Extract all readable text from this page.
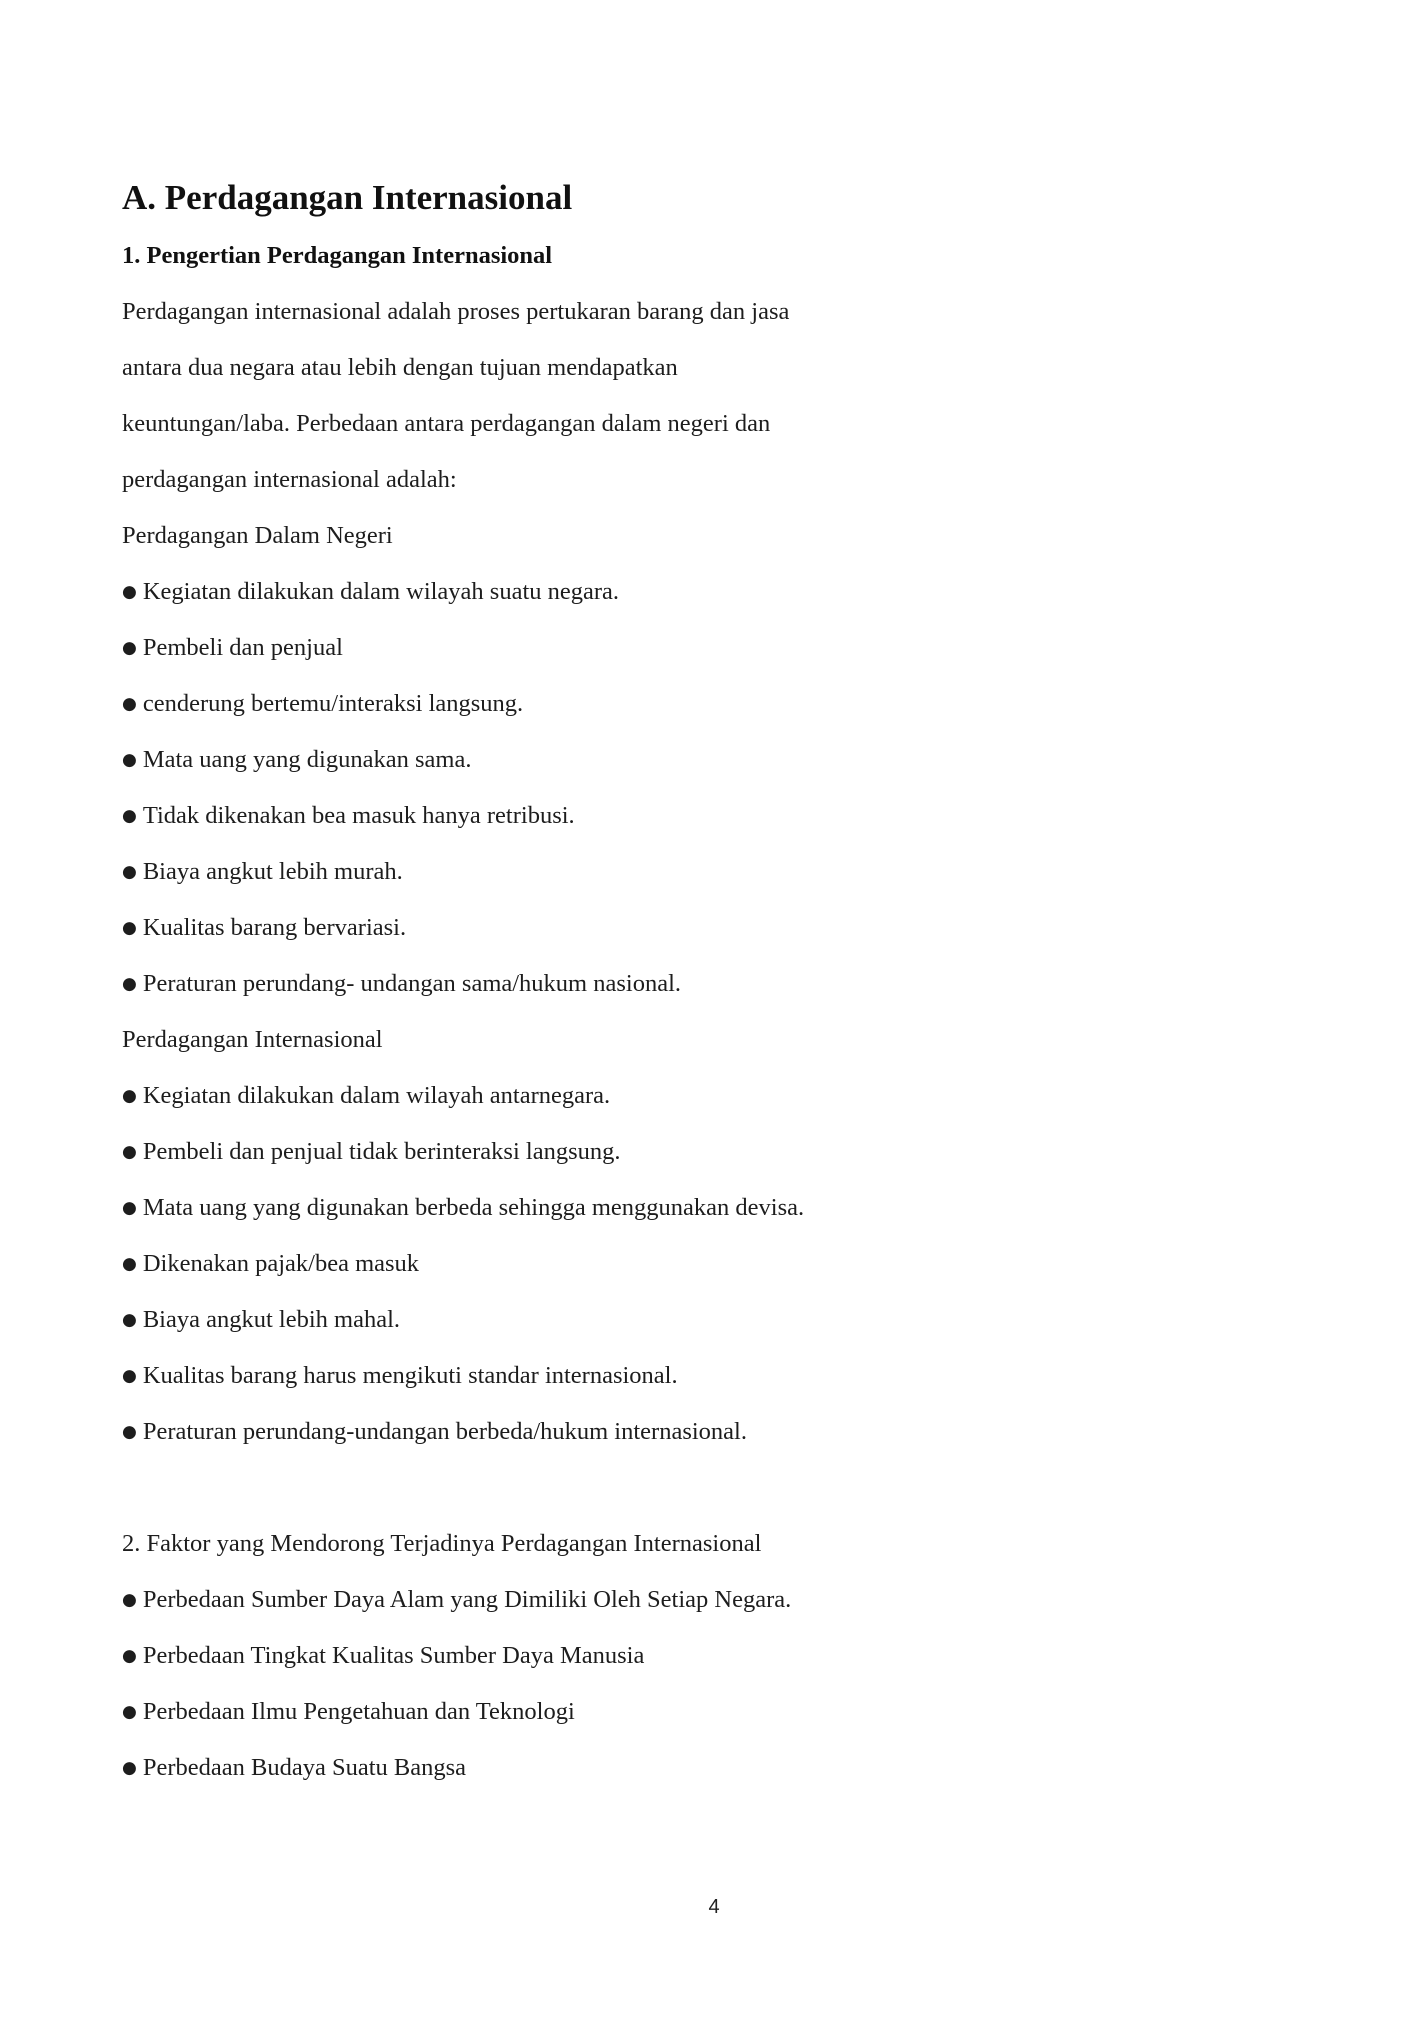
A. Perdagangan Internasional
1. Pengertian Perdagangan Internasional
Perdagangan internasional adalah proses pertukaran barang dan jasa
antara dua negara atau lebih dengan tujuan mendapatkan
keuntungan/laba. Perbedaan antara perdagangan dalam negeri dan
perdagangan internasional adalah:
Perdagangan Dalam Negeri
● Kegiatan dilakukan dalam wilayah suatu negara.
● Pembeli dan penjual
● cenderung bertemu/interaksi langsung.
● Mata uang yang digunakan sama.
● Tidak dikenakan bea masuk hanya retribusi.
● Biaya angkut lebih murah.
● Kualitas barang bervariasi.
● Peraturan perundang- undangan sama/hukum nasional.
Perdagangan Internasional
● Kegiatan dilakukan dalam wilayah antarnegara.
● Pembeli dan penjual tidak berinteraksi langsung.
● Mata uang yang digunakan berbeda sehingga menggunakan devisa.
● Dikenakan pajak/bea masuk
● Biaya angkut lebih mahal.
● Kualitas barang harus mengikuti standar internasional.
● Peraturan perundang-undangan berbeda/hukum internasional.
2. Faktor yang Mendorong Terjadinya Perdagangan Internasional
● Perbedaan Sumber Daya Alam yang Dimiliki Oleh Setiap Negara.
● Perbedaan Tingkat Kualitas Sumber Daya Manusia
● Perbedaan Ilmu Pengetahuan dan Teknologi
● Perbedaan Budaya Suatu Bangsa
4
